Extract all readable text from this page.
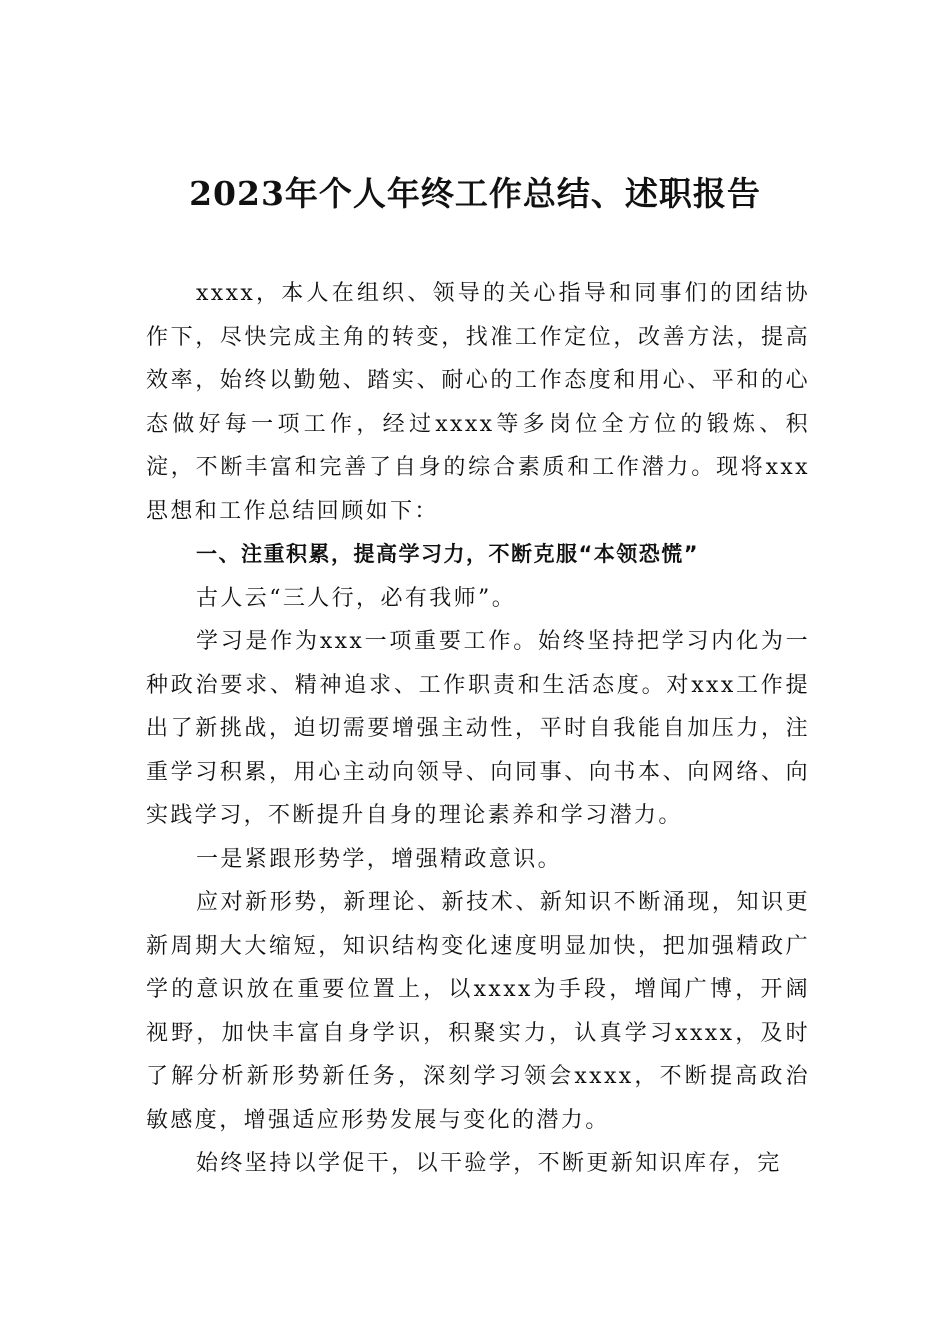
2023年个人年终工作总结、述职报告

xxxx，本人在组织、领导的关心指导和同事们的团结协作下，尽快完成主角的转变，找准工作定位，改善方法，提高效率，始终以勤勉、踏实、耐心的工作态度和用心、平和的心态做好每一项工作，经过xxxx等多岗位全方位的锻炼、积淀，不断丰富和完善了自身的综合素质和工作潜力。现将xxx思想和工作总结回顾如下：

一、注重积累，提高学习力，不断克服“本领恐慌”

古人云“三人行，必有我师”。

学习是作为xxx一项重要工作。始终坚持把学习内化为一种政治要求、精神追求、工作职责和生活态度。对xxx工作提出了新挑战，迫切需要增强主动性，平时自我能自加压力，注重学习积累，用心主动向领导、向同事、向书本、向网络、向实践学习，不断提升自身的理论素养和学习潜力。

一是紧跟形势学，增强精政意识。

应对新形势，新理论、新技术、新知识不断涌现，知识更新周期大大缩短，知识结构变化速度明显加快，把加强精政广学的意识放在重要位置上，以xxxx为手段，增闻广博，开阔视野，加快丰富自身学识，积聚实力，认真学习xxxx，及时了解分析新形势新任务，深刻学习领会xxxx，不断提高政治敏感度，增强适应形势发展与变化的潜力。

始终坚持以学促干，以干验学，不断更新知识库存，完
